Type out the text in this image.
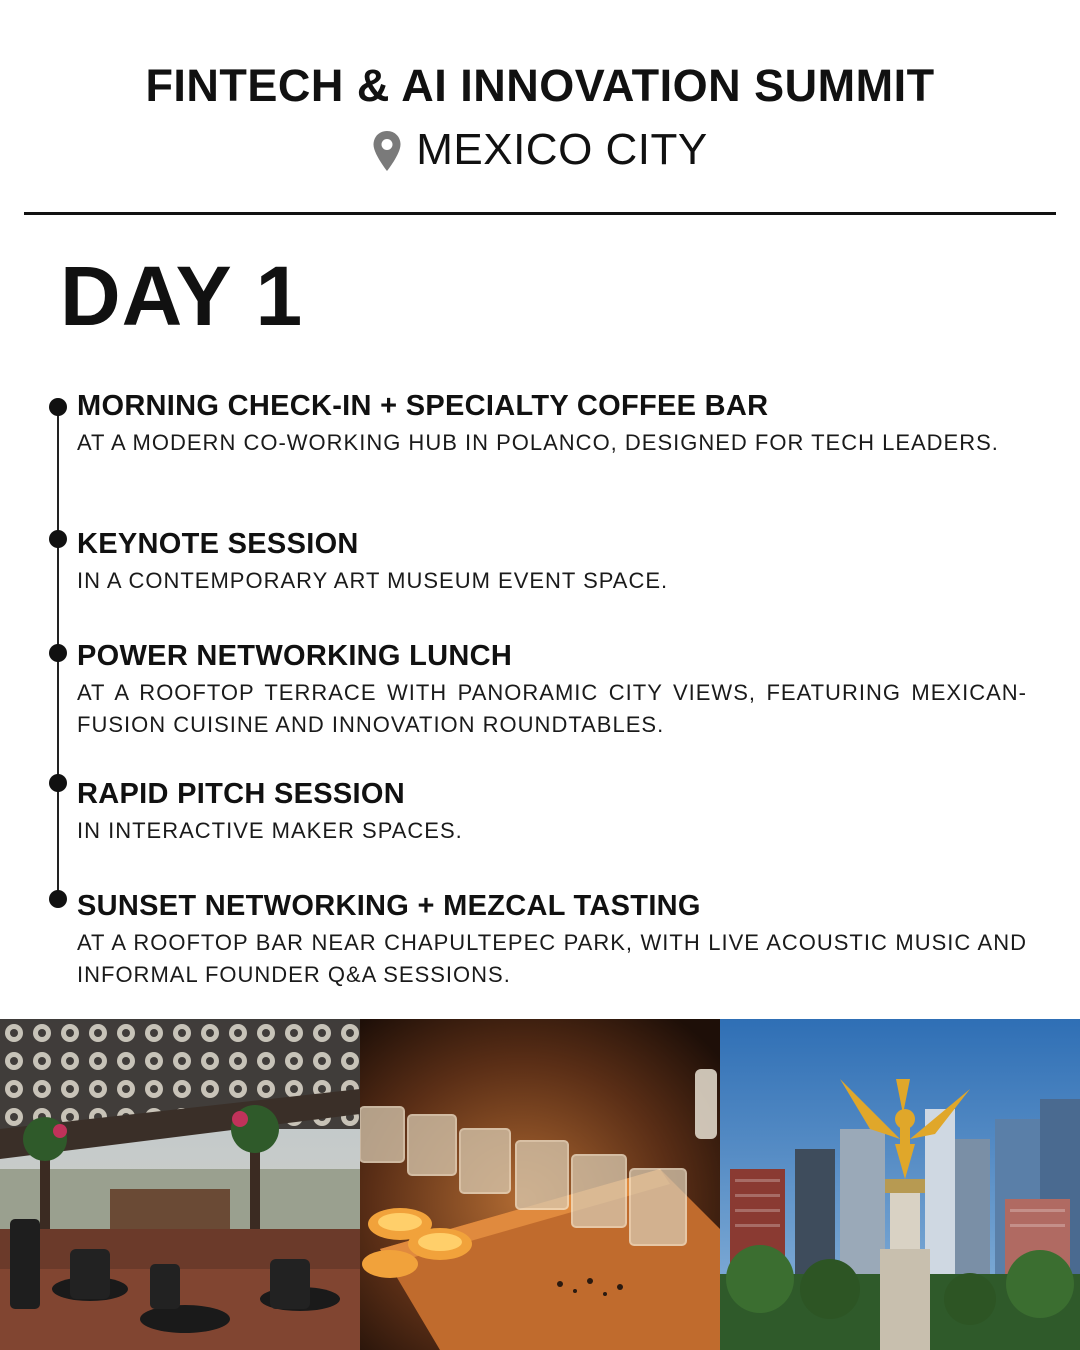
FINTECH & AI INNOVATION SUMMIT
MEXICO CITY
DAY 1
MORNING CHECK-IN + SPECIALTY COFFEE BAR
AT A MODERN CO-WORKING HUB IN POLANCO, DESIGNED FOR TECH LEADERS.
KEYNOTE SESSION
IN A CONTEMPORARY ART MUSEUM EVENT SPACE.
POWER NETWORKING LUNCH
AT A ROOFTOP TERRACE WITH PANORAMIC CITY VIEWS, FEATURING MEXICAN-FUSION CUISINE AND INNOVATION ROUNDTABLES.
RAPID PITCH SESSION
IN INTERACTIVE MAKER SPACES.
SUNSET NETWORKING + MEZCAL TASTING
AT A ROOFTOP BAR NEAR CHAPULTEPEC PARK, WITH LIVE ACOUSTIC MUSIC AND INFORMAL FOUNDER Q&A SESSIONS.
